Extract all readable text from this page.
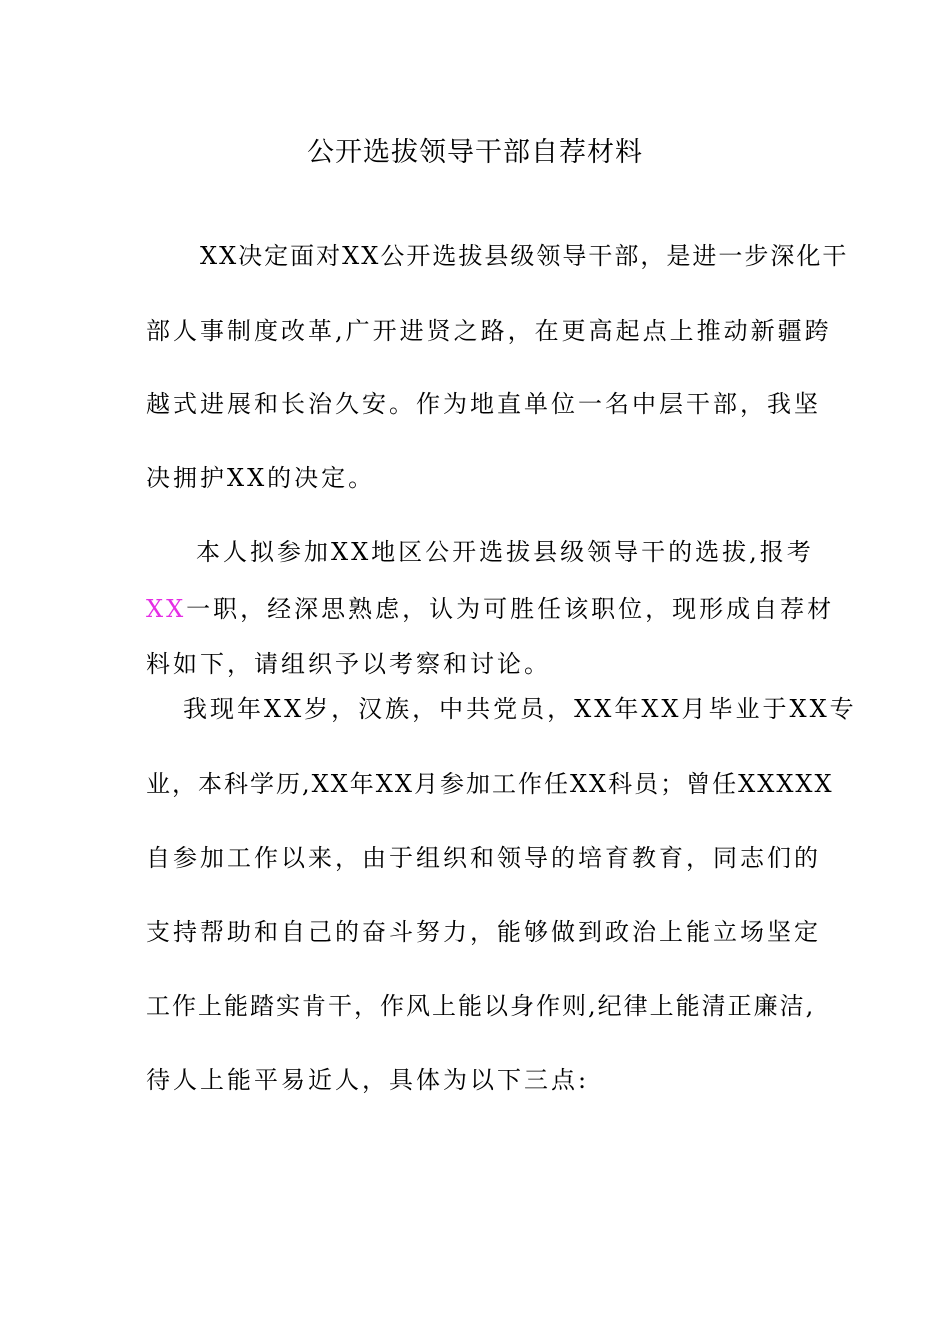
公开选拔领导干部自荐材料
XX决定面对XX公开选拔县级领导干部，是进一步深化干
部人事制度改革,广开进贤之路，在更高起点上推动新疆跨
越式进展和长治久安。作为地直单位一名中层干部，我坚
决拥护XX的决定。
本人拟参加XX地区公开选拔县级领导干的选拔,报考
XX一职，经深思熟虑，认为可胜任该职位，现形成自荐材
料如下，请组织予以考察和讨论。
我现年XX岁，汉族，中共党员，XX年XX月毕业于XX专
业，本科学历,XX年XX月参加工作任XX科员；曾任XXXXX
自参加工作以来，由于组织和领导的培育教育，同志们的
支持帮助和自己的奋斗努力，能够做到政治上能立场坚定
工作上能踏实肯干，作风上能以身作则,纪律上能清正廉洁,
待人上能平易近人，具体为以下三点:
